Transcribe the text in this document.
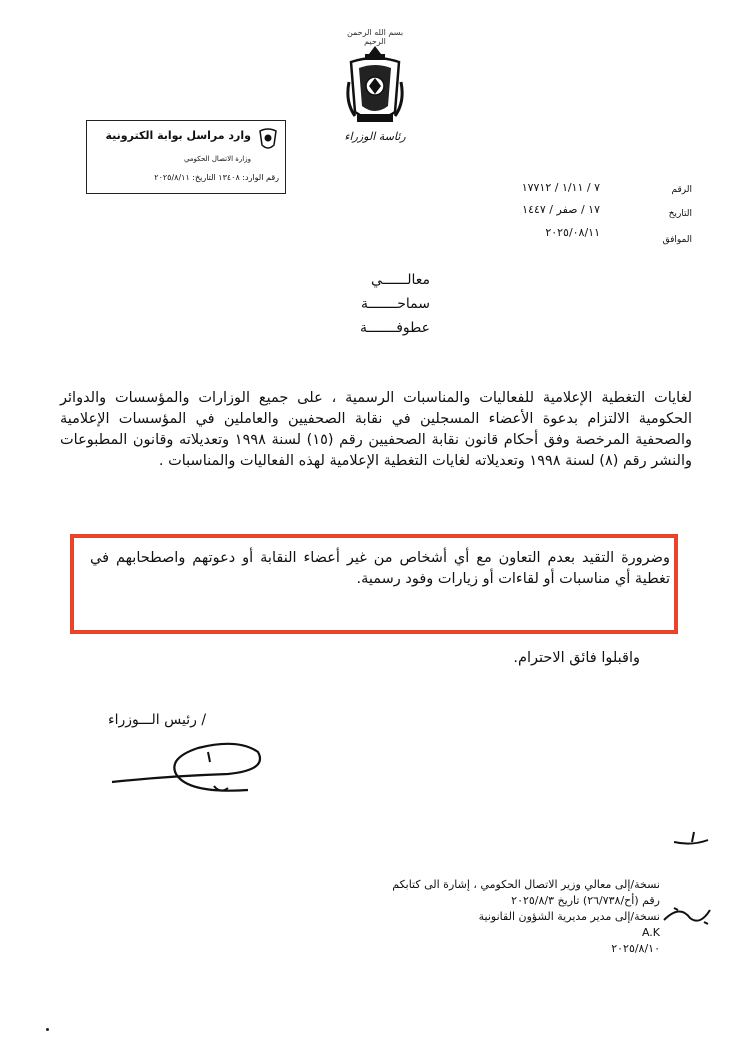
بسم الله الرحمن الرحيم
رئاسة الوزراء
وارد مراسل بوابة الكترونية
وزارة الاتصال الحكومي
رقم الوارد: ١٣٤٠٨ التاريخ: ٢٠٢٥/٨/١١
الرقم
التاريخ
الموافق
٧ / ١/١١ / ١٧٧١٢
١٧ / صفر / ١٤٤٧
٢٠٢٥/٠٨/١١
معالــــــي
سماحـــــــة
عطوفـــــــة

لغايات التغطية الإعلامية للفعاليات والمناسبات الرسمية ، على جميع الوزارات والمؤسسات والدوائر الحكومية الالتزام بدعوة الأعضاء المسجلين في نقابة الصحفيين والعاملين في المؤسسات الإعلامية والصحفية المرخصة وفق أحكام قانون نقابة الصحفيين رقم (١٥) لسنة ١٩٩٨ وتعديلاته وقانون المطبوعات والنشر رقم (٨) لسنة ١٩٩٨ وتعديلاته لغايات التغطية الإعلامية لهذه الفعاليات والمناسبات .

وضرورة التقيد بعدم التعاون مع أي أشخاص من غير أعضاء النقابة أو دعوتهم واصطحابهم في تغطية أي مناسبات أو لقاءات أو زيارات وفود رسمية.

واقبلوا فائق الاحترام.
/ رئيس الـــوزراء
نسخة/إلى معالي وزير الاتصال الحكومي ، إشارة الى كتابكم
رقم (أح/٢٦/٧٣٨) تاريخ ٢٠٢٥/٨/٣
نسخة/إلى مدير مديرية الشؤون القانونية
A.K
٢٠٢٥/٨/١٠
